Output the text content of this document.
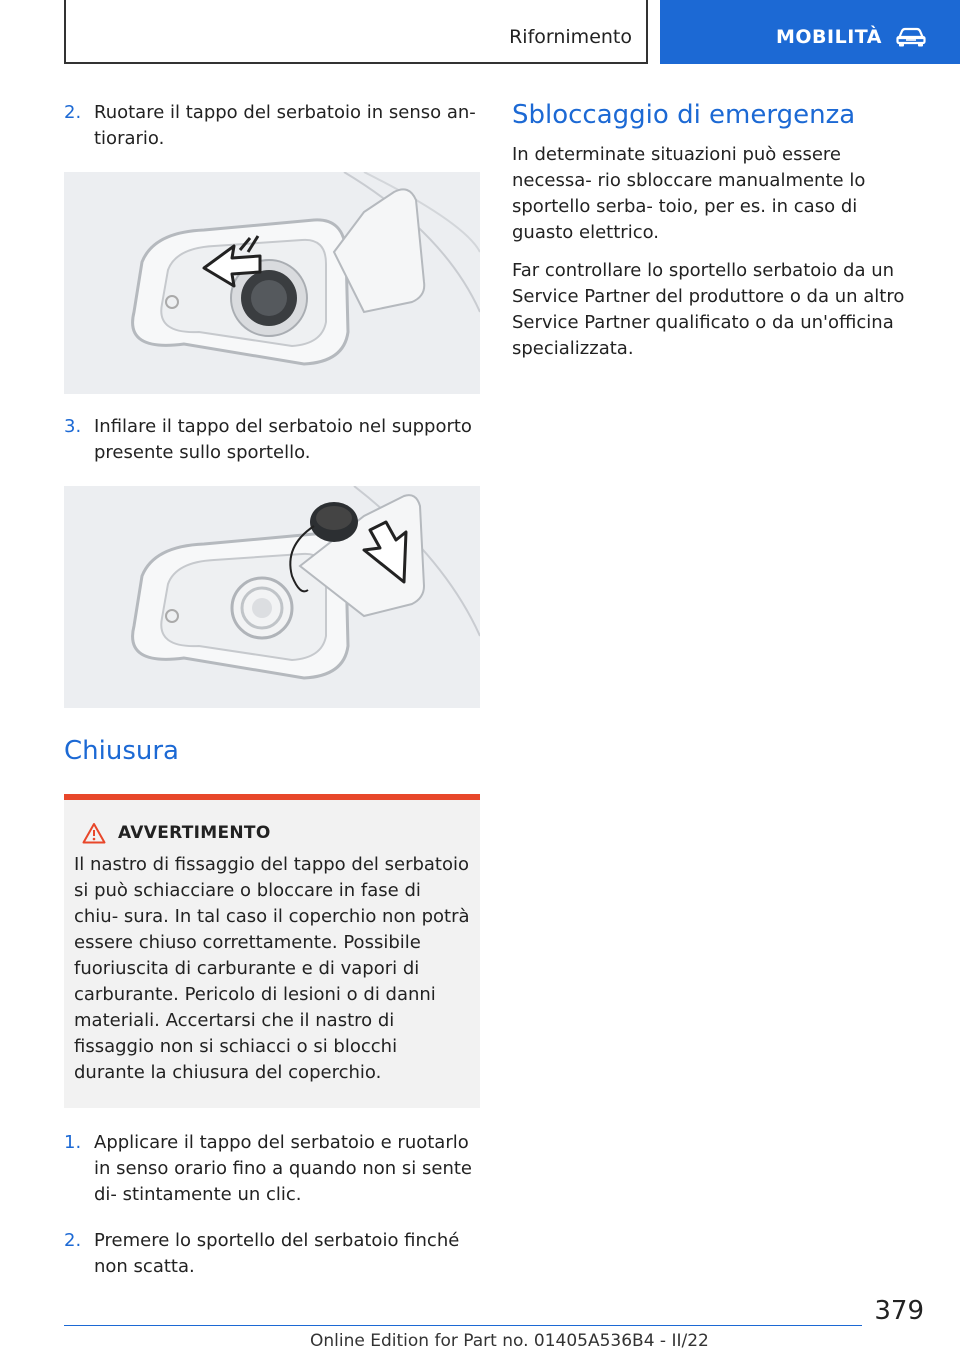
Rifornimento	MOBILITÀ
2. Ruotare il tappo del serbatoio in senso an- tiorario.
3. Infilare il tappo del serbatoio nel supporto presente sullo sportello.
Chiusura
AVVERTIMENTO

Il nastro di fissaggio del tappo del serbatoio si può schiacciare o bloccare in fase di chiu- sura. In tal caso il coperchio non potrà essere chiuso correttamente. Possibile fuoriuscita di carburante e di vapori di carburante. Pericolo di lesioni o di danni materiali. Accertarsi che il nastro di fissaggio non si schiacci o si blocchi durante la chiusura del coperchio.

1. Applicare il tappo del serbatoio e ruotarlo in senso orario fino a quando non si sente di- stintamente un clic.
2. Premere lo sportello del serbatoio finché non scatta.
Sbloccaggio di emergenza

In determinate situazioni può essere necessa- rio sbloccare manualmente lo sportello serba- toio, per es. in caso di guasto elettrico.

Far controllare lo sportello serbatoio da un Service Partner del produttore o da un altro Service Partner qualificato o da un'officina specializzata.

379
Online Edition for Part no. 01405A536B4 - II/22
